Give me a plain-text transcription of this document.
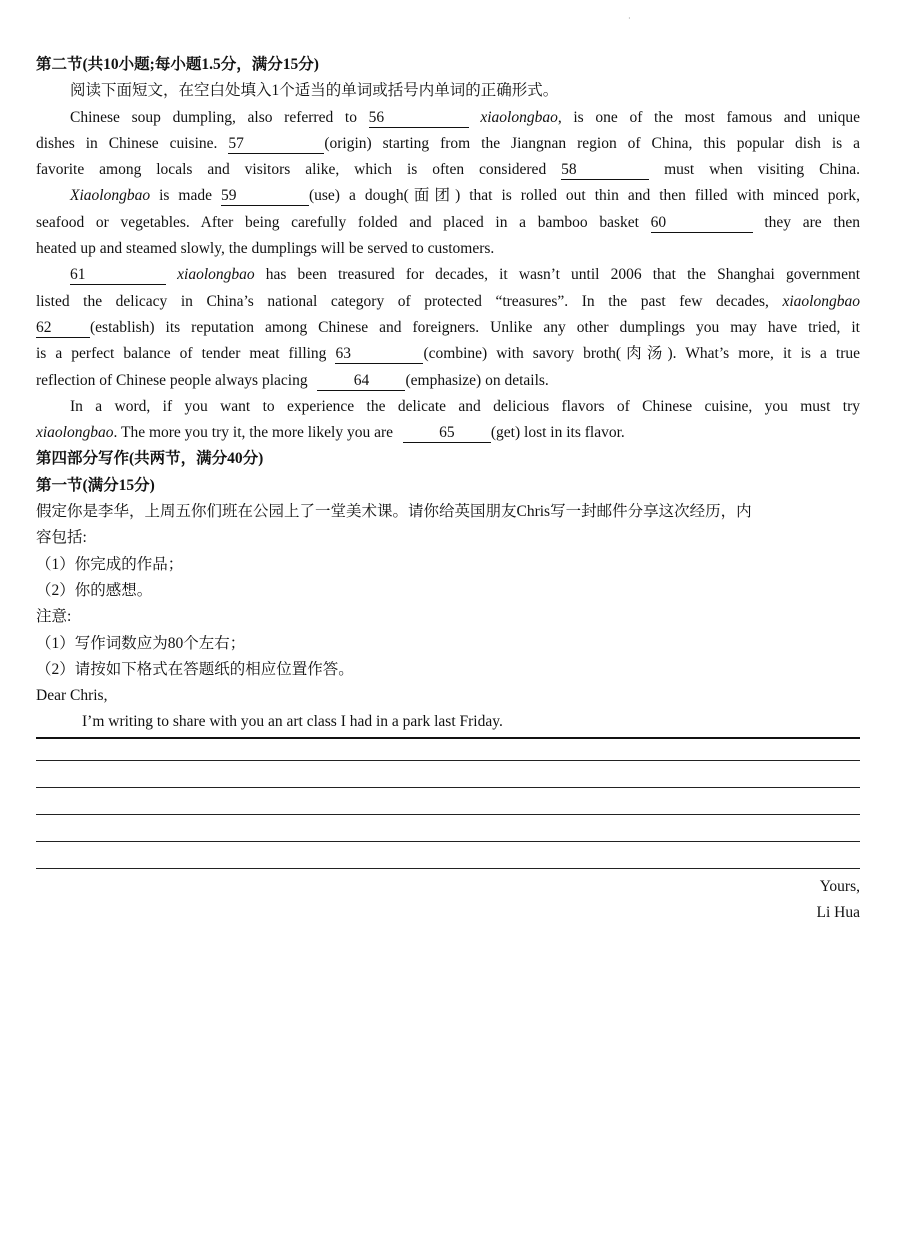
·
第二节(共10小题;每小题1.5分，满分15分)
阅读下面短文，在空白处填入1个适当的单词或括号内单词的正确形式。
Chinese soup dumpling, also referred to 56	xiaolongbao, is one of the most famous and unique
dishes in Chinese cuisine. 57	(origin) starting from the Jiangnan region of China, this popular dish is a
favorite among locals and visitors alike, which is often considered 58	must when visiting China.
Xiaolongbao is made 59	(use) a dough(面团) that is rolled out thin and then filled with minced pork,
seafood or vegetables. After being carefully folded and placed in a bamboo basket 60	they are then
heated up and steamed slowly, the dumplings will be served to customers.
61	xiaolongbao has been treasured for decades, it wasn’t until 2006 that the Shanghai government
listed the delicacy in China’s national category of protected “treasures”. In the past few decades, xiaolongbao
62 (establish) its reputation among Chinese and foreigners. Unlike any other dumplings you may have tried, it
is a perfect balance of tender meat filling 63	(combine) with savory broth(肉汤). What’s more, it is a true
reflection of Chinese people always placing	64 (emphasize) on details.
In a word, if you want to experience the delicate and delicious flavors of Chinese cuisine, you must try
xiaolongbao. The more you try it, the more likely you are	65 (get) lost in its flavor.
第四部分写作(共两节，满分40分)
第一节(满分15分)
假定你是李华，上周五你们班在公园上了一堂美术课。请你给英国朋友Chris写一封邮件分享这次经历，内
容包括:
（1）你完成的作品；
（2）你的感想。
注意:
（1）写作词数应为80个左右；
（2）请按如下格式在答题纸的相应位置作答。
Dear Chris,
I’m writing to share with you an art class I had in a park last Friday.
Yours,
Li Hua
